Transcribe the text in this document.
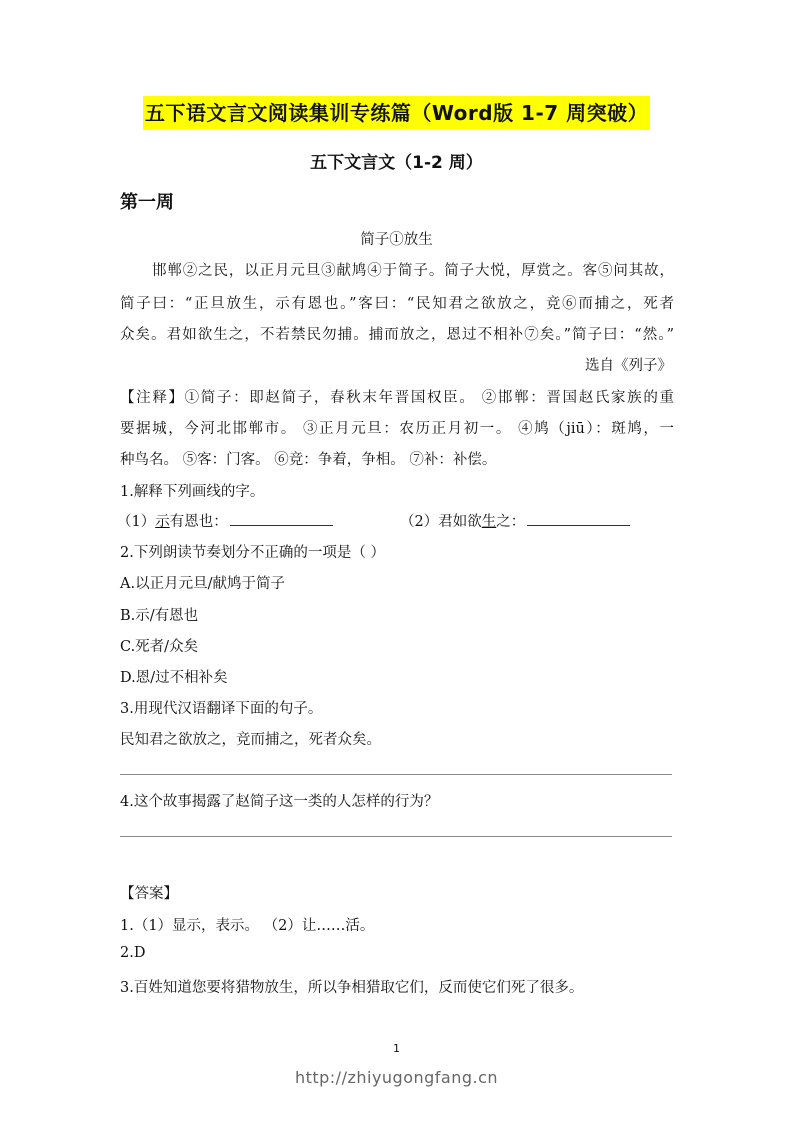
五下语文言文阅读集训专练篇（Word版 1-7 周突破）
五下文言文（1-2 周）
第一周
简子①放生
邯郸②之民，以正月元旦③献鸠④于简子。简子大悦，厚赏之。客⑤问其故，
简子曰：“正旦放生，示有恩也。”客曰：“民知君之欲放之，竞⑥而捕之，死者
众矣。君如欲生之，不若禁民勿捕。捕而放之，恩过不相补⑦矣。”简子曰：“然。”
选自《列子》
【注释】①简子：即赵简子，春秋末年晋国权臣。 ②邯郸：晋国赵氏家族的重
要据城，今河北邯郸市。 ③正月元旦：农历正月初一。 ④鸠（jiū）：斑鸠，一
种鸟名。 ⑤客：门客。 ⑥竞：争着，争相。 ⑦补：补偿。
1.解释下列画线的字。
（1）示有恩也：	（2）君如欲生之：
2.下列朗读节奏划分不正确的一项是（ ）
A.以正月元旦/献鸠于简子
B.示/有恩也
C.死者/众矣
D.恩/过不相补矣
3.用现代汉语翻译下面的句子。
民知君之欲放之，竞而捕之，死者众矣。
4.这个故事揭露了赵简子这一类的人怎样的行为？
【答案】
1.（1）显示，表示。 （2）让……活。
2.D
3.百姓知道您要将猎物放生，所以争相猎取它们，反而使它们死了很多。
1
http://zhiyugongfang.cn
